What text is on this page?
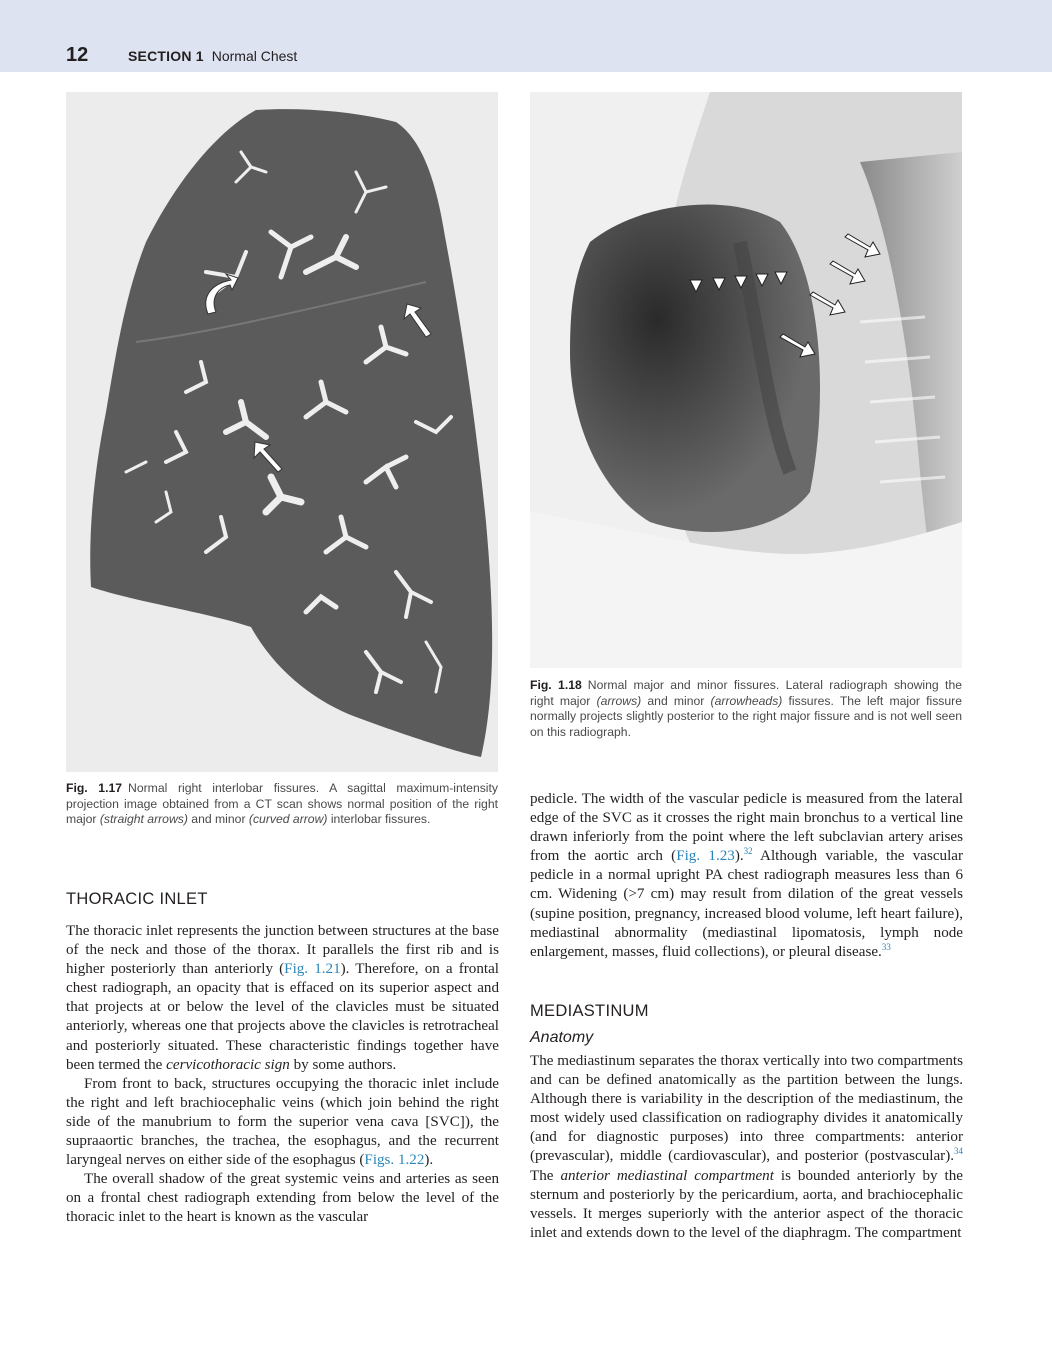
12	SECTION 1 Normal Chest
Fig. 1.18 Normal major and minor fissures. Lateral radiograph showing the right major (arrows) and minor (arrowheads) fissures. The left major fissure normally projects slightly posterior to the right major fissure and is not well seen on this radiograph.
Fig. 1.17 Normal right interlobar fissures. A sagittal maximum-intensity projection image obtained from a CT scan shows normal position of the right major (straight arrows) and minor (curved arrow) interlobar fissures.
THORACIC INLET

The thoracic inlet represents the junction between structures at the base of the neck and those of the thorax. It parallels the first rib and is higher posteriorly than anteriorly (Fig. 1.21). Therefore, on a frontal chest radiograph, an opacity that is effaced on its superior aspect and that projects at or below the level of the clavicles must be situated anteriorly, whereas one that projects above the clavicles is retrotracheal and posteriorly situated. These characteristic findings together have been termed the cervicothoracic sign by some authors.

From front to back, structures occupying the thoracic inlet include the right and left brachiocephalic veins (which join behind the right side of the manubrium to form the superior vena cava [SVC]), the supraaortic branches, the trachea, the esophagus, and the recurrent laryngeal nerves on either side of the esophagus (Figs. 1.22).

The overall shadow of the great systemic veins and arteries as seen on a frontal chest radiograph extending from below the level of the thoracic inlet to the heart is known as the vascular

pedicle. The width of the vascular pedicle is measured from the lateral edge of the SVC as it crosses the right main bronchus to a vertical line drawn inferiorly from the point where the left subclavian artery arises from the aortic arch (Fig. 1.23).$^{32}$ Although variable, the vascular pedicle in a normal upright PA chest radiograph measures less than 6 cm. Widening (>7 cm) may result from dilation of the great vessels (supine position, pregnancy, increased blood volume, left heart failure), mediastinal abnormality (mediastinal lipomatosis, lymph node enlargement, masses, fluid collections), or pleural disease.$^{33}$

MEDIASTINUM
Anatomy

The mediastinum separates the thorax vertically into two compartments and can be defined anatomically as the partition between the lungs. Although there is variability in the description of the mediastinum, the most widely used classification on radiography divides it anatomically (and for diagnostic purposes) into three compartments: anterior (prevascular), middle (cardiovascular), and posterior (postvascular).$^{34}$ The anterior mediastinal compartment is bounded anteriorly by the sternum and posteriorly by the pericardium, aorta, and brachiocephalic vessels. It merges superiorly with the anterior aspect of the thoracic inlet and extends down to the level of the diaphragm. The compartment
